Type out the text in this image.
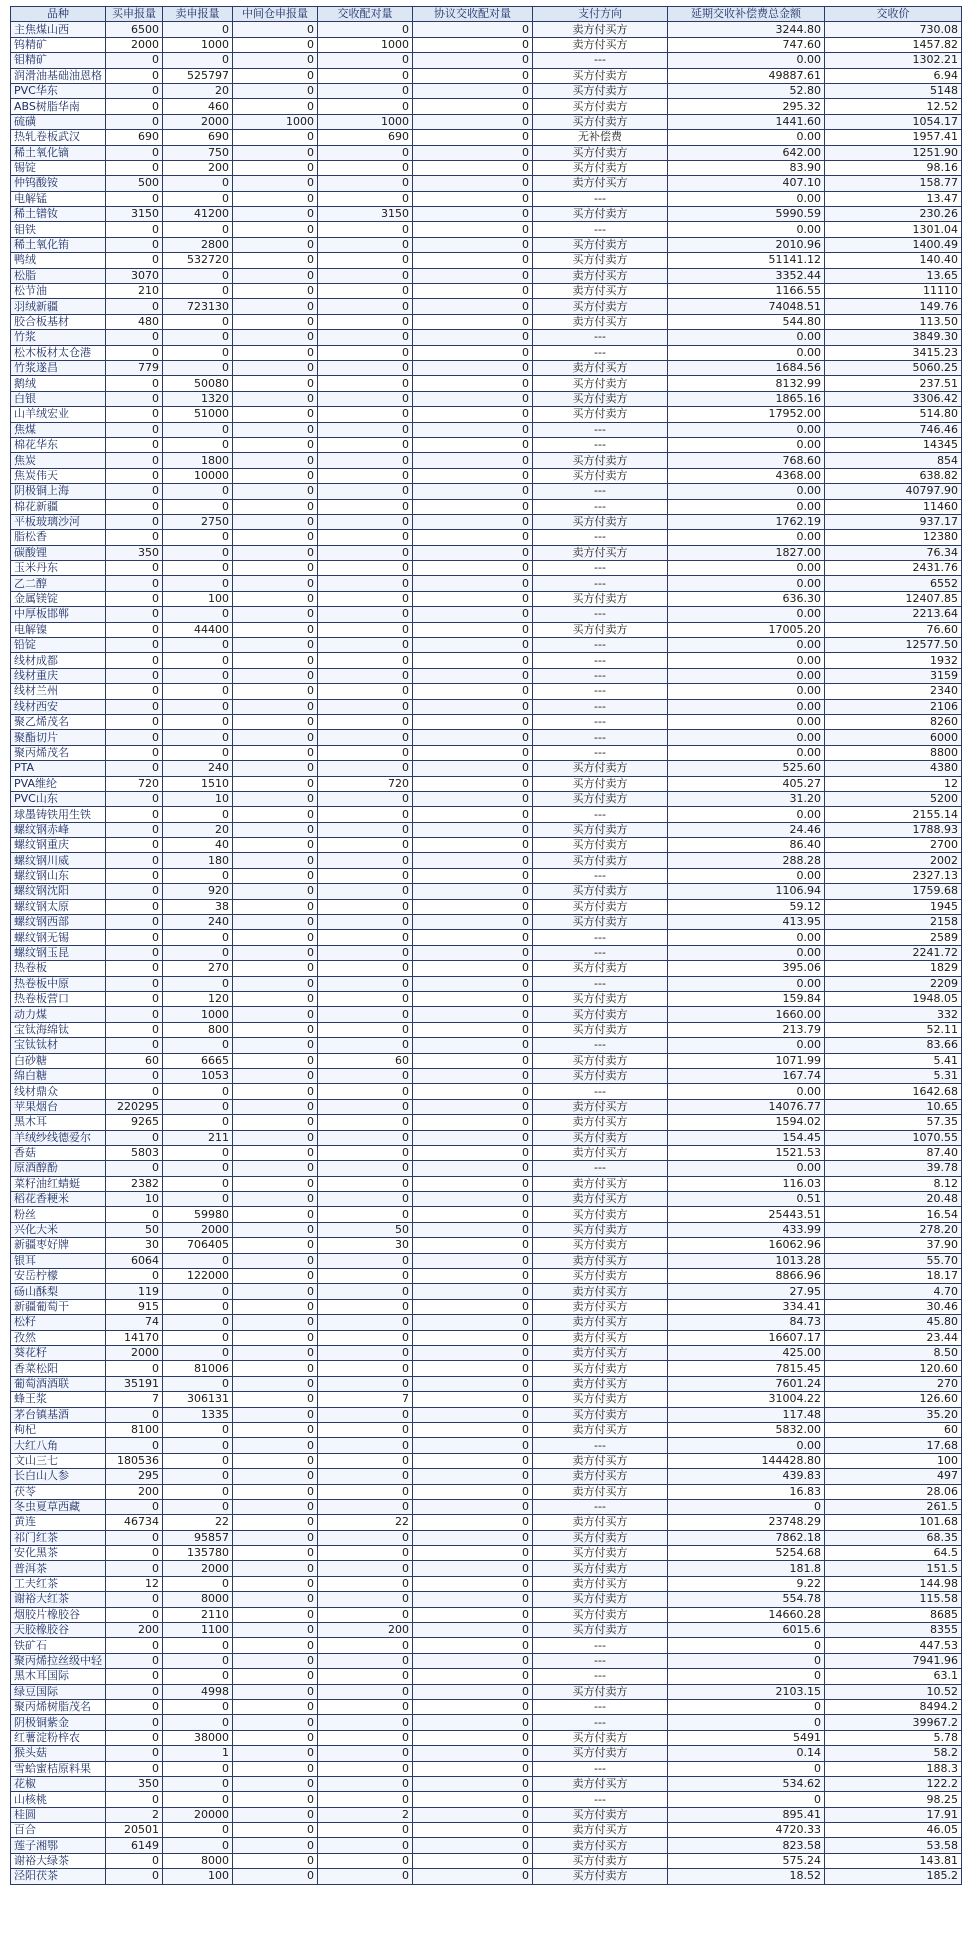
品种	买申报量	卖申报量	中间仓申报量	交收配对量	协议交收配对量	支付方向	延期交收补偿费总金额	交收价
主焦煤山西	6500	0	0	0	0	卖方付买方	3244.80	730.08
钨精矿	2000	1000	0	1000	0	卖方付买方	747.60	1457.82
钼精矿	0	0	0	0	0	---	0.00	1302.21
润滑油基础油恩格	0	525797	0	0	0	买方付卖方	49887.61	6.94
PVC华东	0	20	0	0	0	买方付卖方	52.80	5148
ABS树脂华南	0	460	0	0	0	买方付卖方	295.32	12.52
硫磺	0	2000	1000	1000	0	买方付卖方	1441.60	1054.17
热轧卷板武汉	690	690	0	690	0	无补偿费	0.00	1957.41
稀土氧化镝	0	750	0	0	0	买方付卖方	642.00	1251.90
锡锭	0	200	0	0	0	买方付卖方	83.90	98.16
仲钨酸铵	500	0	0	0	0	卖方付买方	407.10	158.77
电解锰	0	0	0	0	0	---	0.00	13.47
稀土镨钕	3150	41200	0	3150	0	买方付卖方	5990.59	230.26
钼铁	0	0	0	0	0	---	0.00	1301.04
稀土氧化铕	0	2800	0	0	0	买方付卖方	2010.96	1400.49
鸭绒	0	532720	0	0	0	买方付卖方	51141.12	140.40
松脂	3070	0	0	0	0	卖方付买方	3352.44	13.65
松节油	210	0	0	0	0	卖方付买方	1166.55	11110
羽绒新疆	0	723130	0	0	0	买方付卖方	74048.51	149.76
胶合板基材	480	0	0	0	0	卖方付买方	544.80	113.50
竹浆	0	0	0	0	0	---	0.00	3849.30
松木板材太仓港	0	0	0	0	0	---	0.00	3415.23
竹浆遂昌	779	0	0	0	0	卖方付买方	1684.56	5060.25
鹅绒	0	50080	0	0	0	买方付卖方	8132.99	237.51
白银	0	1320	0	0	0	买方付卖方	1865.16	3306.42
山羊绒宏业	0	51000	0	0	0	买方付卖方	17952.00	514.80
焦煤	0	0	0	0	0	---	0.00	746.46
棉花华东	0	0	0	0	0	---	0.00	14345
焦炭	0	1800	0	0	0	买方付卖方	768.60	854
焦炭伟天	0	10000	0	0	0	买方付卖方	4368.00	638.82
阴极铜上海	0	0	0	0	0	---	0.00	40797.90
棉花新疆	0	0	0	0	0	---	0.00	11460
平板玻璃沙河	0	2750	0	0	0	买方付卖方	1762.19	937.17
脂松香	0	0	0	0	0	---	0.00	12380
碳酸锂	350	0	0	0	0	卖方付买方	1827.00	76.34
玉米丹东	0	0	0	0	0	---	0.00	2431.76
乙二醇	0	0	0	0	0	---	0.00	6552
金属镁锭	0	100	0	0	0	买方付卖方	636.30	12407.85
中厚板邯郸	0	0	0	0	0	---	0.00	2213.64
电解镍	0	44400	0	0	0	买方付卖方	17005.20	76.60
铅锭	0	0	0	0	0	---	0.00	12577.50
线材成都	0	0	0	0	0	---	0.00	1932
线材重庆	0	0	0	0	0	---	0.00	3159
线材兰州	0	0	0	0	0	---	0.00	2340
线材西安	0	0	0	0	0	---	0.00	2106
聚乙烯茂名	0	0	0	0	0	---	0.00	8260
聚酯切片	0	0	0	0	0	---	0.00	6000
聚丙烯茂名	0	0	0	0	0	---	0.00	8800
PTA	0	240	0	0	0	买方付卖方	525.60	4380
PVA维纶	720	1510	0	720	0	买方付卖方	405.27	12
PVC山东	0	10	0	0	0	买方付卖方	31.20	5200
球墨铸铁用生铁	0	0	0	0	0	---	0.00	2155.14
螺纹钢赤峰	0	20	0	0	0	买方付卖方	24.46	1788.93
螺纹钢重庆	0	40	0	0	0	买方付卖方	86.40	2700
螺纹钢川威	0	180	0	0	0	买方付卖方	288.28	2002
螺纹钢山东	0	0	0	0	0	---	0.00	2327.13
螺纹钢沈阳	0	920	0	0	0	买方付卖方	1106.94	1759.68
螺纹钢太原	0	38	0	0	0	买方付卖方	59.12	1945
螺纹钢西部	0	240	0	0	0	买方付卖方	413.95	2158
螺纹钢无锡	0	0	0	0	0	---	0.00	2589
螺纹钢玉昆	0	0	0	0	0	---	0.00	2241.72
热卷板	0	270	0	0	0	买方付卖方	395.06	1829
热卷板中原	0	0	0	0	0	---	0.00	2209
热卷板营口	0	120	0	0	0	买方付卖方	159.84	1948.05
动力煤	0	1000	0	0	0	买方付卖方	1660.00	332
宝钛海绵钛	0	800	0	0	0	买方付卖方	213.79	52.11
宝钛钛材	0	0	0	0	0	---	0.00	83.66
白砂糖	60	6665	0	60	0	买方付卖方	1071.99	5.41
绵白糖	0	1053	0	0	0	买方付卖方	167.74	5.31
线材鼎众	0	0	0	0	0	---	0.00	1642.68
苹果烟台	220295	0	0	0	0	卖方付买方	14076.77	10.65
黑木耳	9265	0	0	0	0	卖方付买方	1594.02	57.35
羊绒纱线德爱尔	0	211	0	0	0	买方付卖方	154.45	1070.55
香菇	5803	0	0	0	0	卖方付买方	1521.53	87.40
原酒醇酚	0	0	0	0	0	---	0.00	39.78
菜籽油红蜻蜓	2382	0	0	0	0	卖方付买方	116.03	8.12
稻花香粳米	10	0	0	0	0	卖方付买方	0.51	20.48
粉丝	0	59980	0	0	0	买方付卖方	25443.51	16.54
兴化大米	50	2000	0	50	0	买方付卖方	433.99	278.20
新疆枣好牌	30	706405	0	30	0	买方付卖方	16062.96	37.90
银耳	6064	0	0	0	0	卖方付买方	1013.28	55.70
安岳柠檬	0	122000	0	0	0	买方付卖方	8866.96	18.17
砀山酥梨	119	0	0	0	0	卖方付买方	27.95	4.70
新疆葡萄干	915	0	0	0	0	卖方付买方	334.41	30.46
松籽	74	0	0	0	0	卖方付买方	84.73	45.80
孜然	14170	0	0	0	0	卖方付买方	16607.17	23.44
葵花籽	2000	0	0	0	0	卖方付买方	425.00	8.50
香菜松阳	0	81006	0	0	0	买方付卖方	7815.45	120.60
葡萄酒酒联	35191	0	0	0	0	卖方付买方	7601.24	270
蜂王浆	7	306131	0	7	0	买方付卖方	31004.22	126.60
茅台镇基酒	0	1335	0	0	0	买方付卖方	117.48	35.20
枸杞	8100	0	0	0	0	卖方付买方	5832.00	60
大红八角	0	0	0	0	0	---	0.00	17.68
文山三七	180536	0	0	0	0	卖方付买方	144428.80	100
长白山人参	295	0	0	0	0	卖方付买方	439.83	497
茯苓	200	0	0	0	0	卖方付买方	16.83	28.06
冬虫夏草西藏	0	0	0	0	0	---	0	261.5
黄连	46734	22	0	22	0	卖方付买方	23748.29	101.68
祁门红茶	0	95857	0	0	0	买方付卖方	7862.18	68.35
安化黑茶	0	135780	0	0	0	买方付卖方	5254.68	64.5
普洱茶	0	2000	0	0	0	买方付卖方	181.8	151.5
工夫红茶	12	0	0	0	0	卖方付买方	9.22	144.98
谢裕大红茶	0	8000	0	0	0	买方付卖方	554.78	115.58
烟胶片橡胶谷	0	2110	0	0	0	买方付卖方	14660.28	8685
天胶橡胶谷	200	1100	0	200	0	买方付卖方	6015.6	8355
铁矿石	0	0	0	0	0	---	0	447.53
聚丙烯拉丝级中轻	0	0	0	0	0	---	0	7941.96
黑木耳国际	0	0	0	0	0	---	0	63.1
绿豆国际	0	4998	0	0	0	买方付卖方	2103.15	10.52
聚丙烯树脂茂名	0	0	0	0	0	---	0	8494.2
阴极铜紫金	0	0	0	0	0	---	0	39967.2
红薯淀粉梓农	0	38000	0	0	0	买方付卖方	5491	5.78
猴头菇	0	1	0	0	0	买方付卖方	0.14	58.2
雪蛤蜜桔原料果	0	0	0	0	0	---	0	188.3
花椒	350	0	0	0	0	卖方付买方	534.62	122.2
山核桃	0	0	0	0	0	---	0	98.25
桂圆	2	20000	0	2	0	买方付卖方	895.41	17.91
百合	20501	0	0	0	0	卖方付买方	4720.33	46.05
莲子湘鄂	6149	0	0	0	0	卖方付买方	823.58	53.58
谢裕大绿茶	0	8000	0	0	0	买方付卖方	575.24	143.81
泾阳茯茶	0	100	0	0	0	买方付卖方	18.52	185.2
